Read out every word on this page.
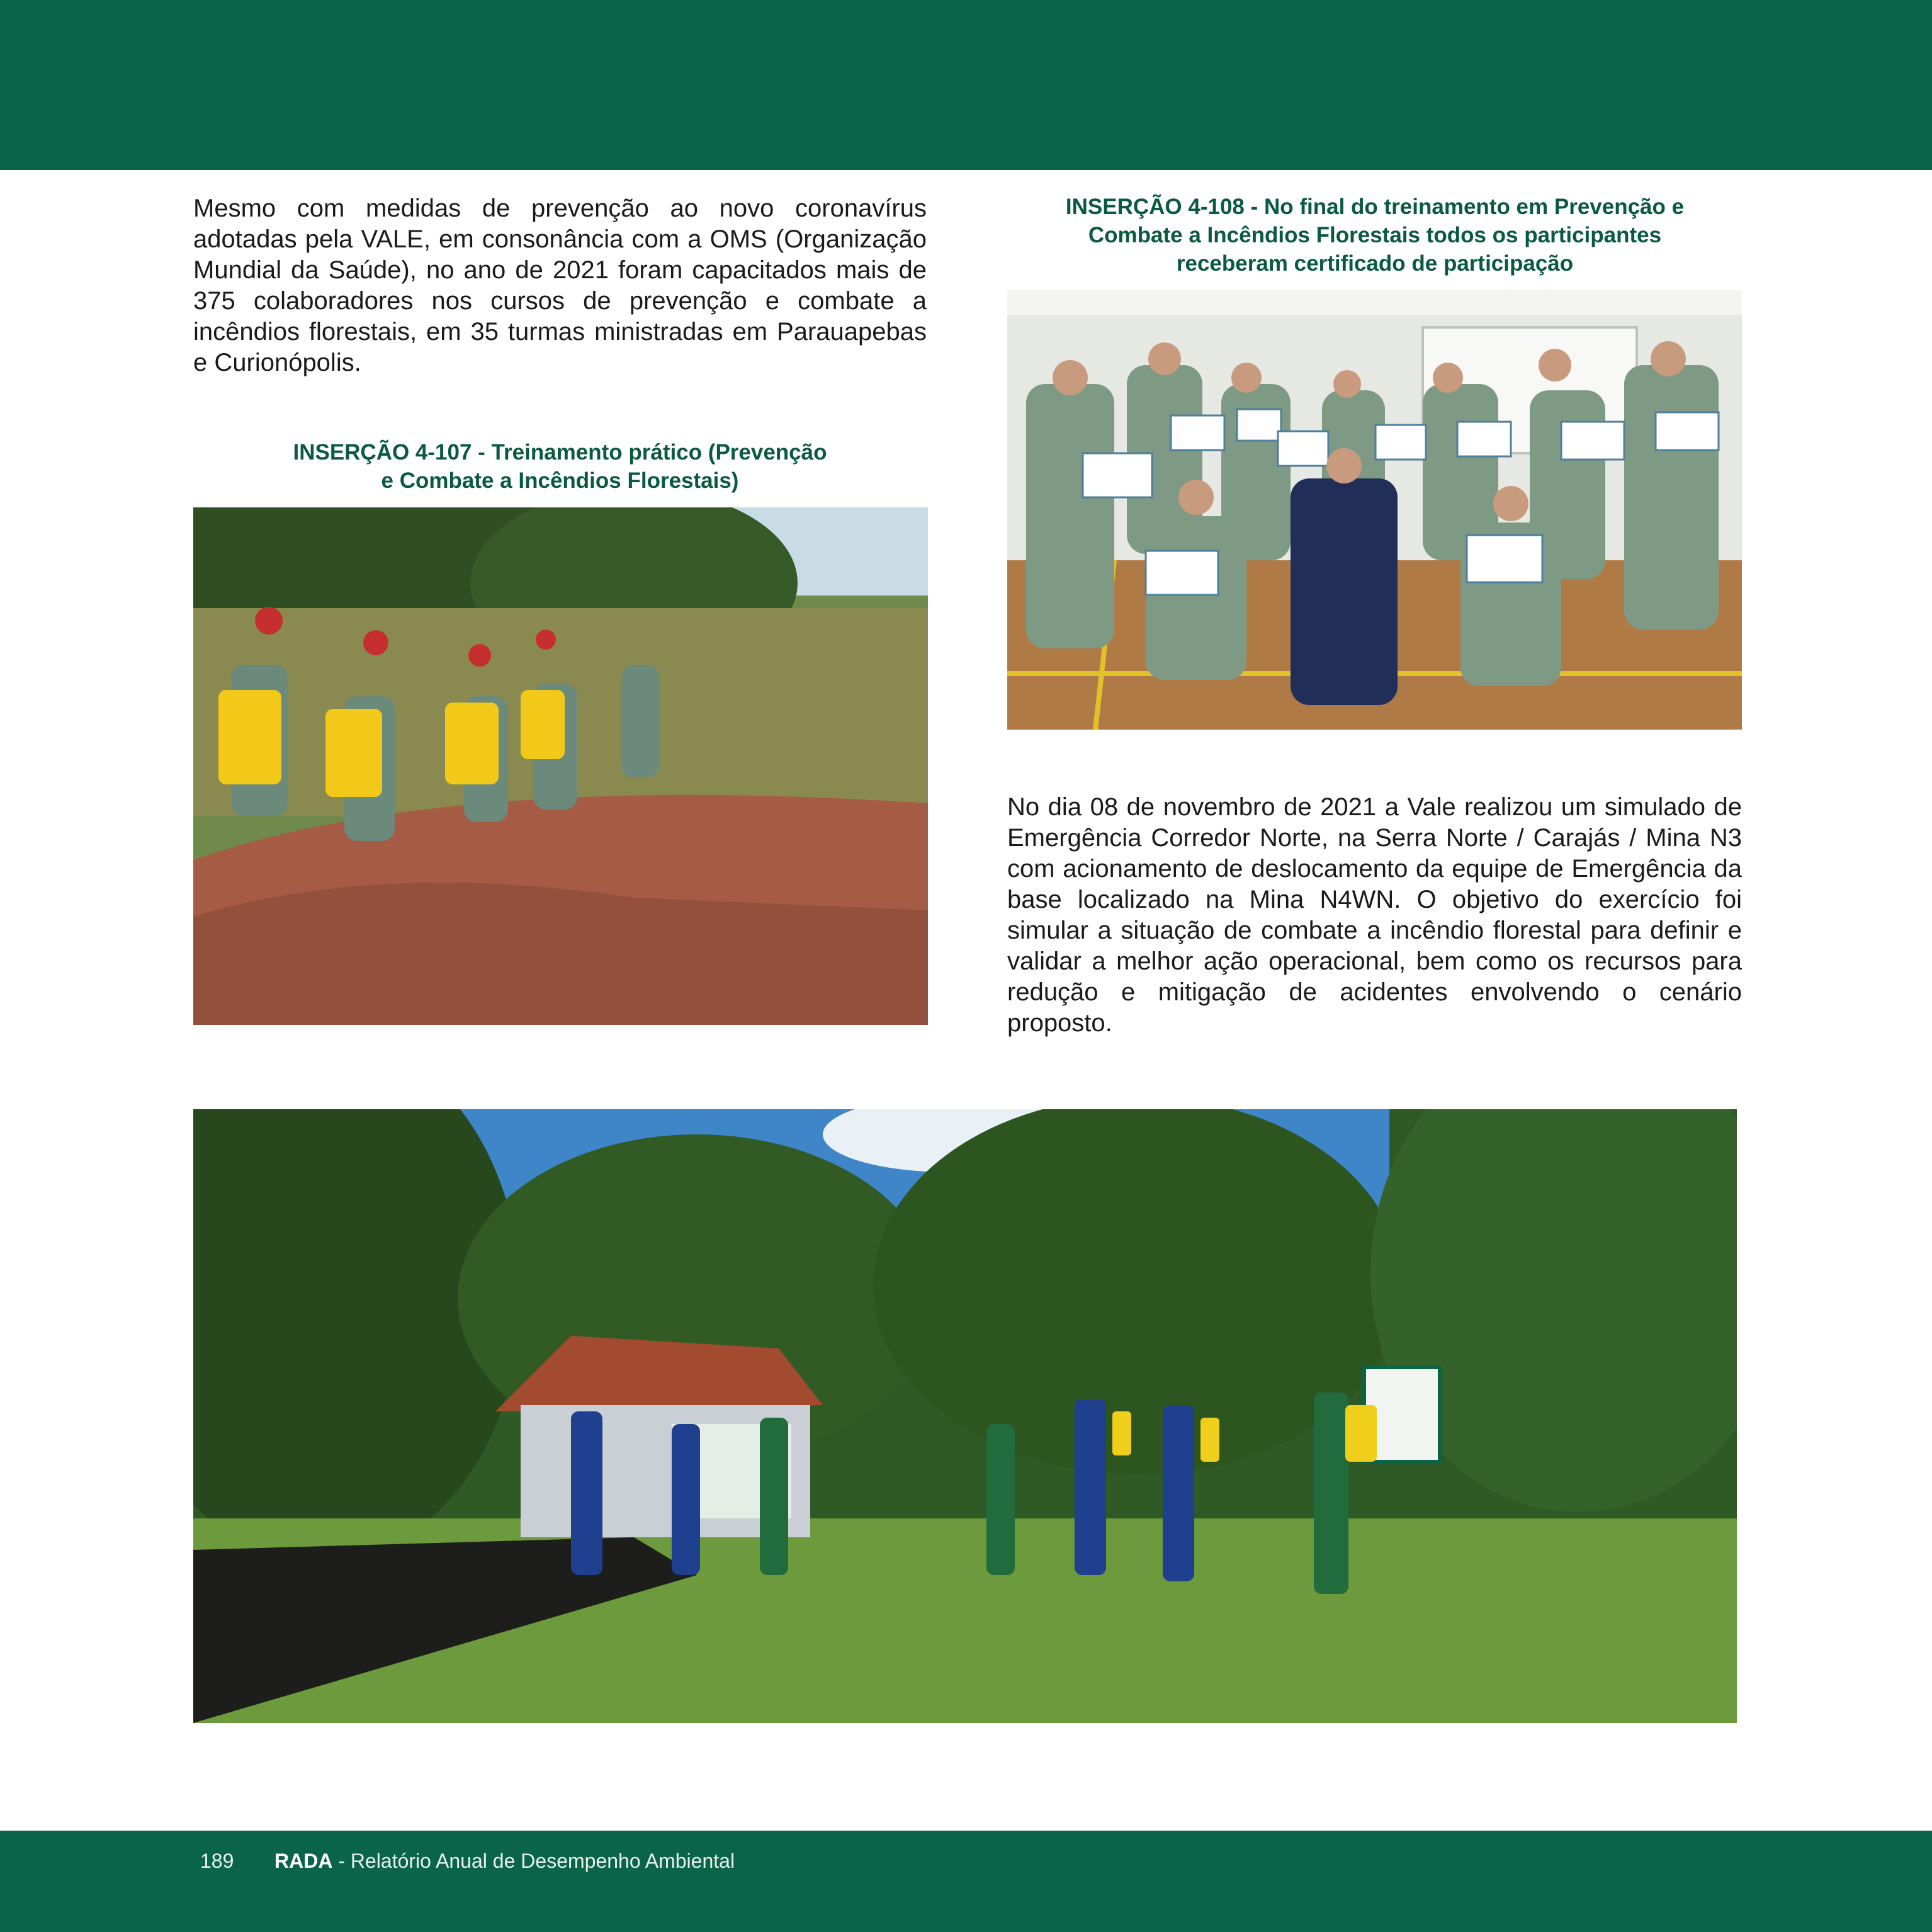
Mesmo com medidas de prevenção ao novo coronavírus adotadas pela VALE, em consonância com a OMS (Organização Mundial da Saúde), no ano de 2021 foram capacitados mais de 375 colaboradores nos cursos de prevenção e combate a incêndios florestais, em 35 turmas ministradas em Parauapebas e Curionópolis.

INSERÇÃO 4-107 - Treinamento prático (Prevenção
e Combate a Incêndios Florestais)
INSERÇÃO 4-108 - No final do treinamento em Prevenção e
Combate a Incêndios Florestais todos os participantes
receberam certificado de participação

No dia 08 de novembro de 2021 a Vale realizou um simulado de Emergência Corredor Norte, na Serra Norte / Carajás / Mina N3 com acionamento de deslocamento da equipe de Emergência da base localizado na Mina N4WN. O objetivo do exercício foi simular a situação de combate a incêndio florestal para definir e validar a melhor ação operacional, bem como os recursos para redução e mitigação de acidentes envolvendo o cenário proposto.

189 RADA - Relatório Anual de Desempenho Ambiental
